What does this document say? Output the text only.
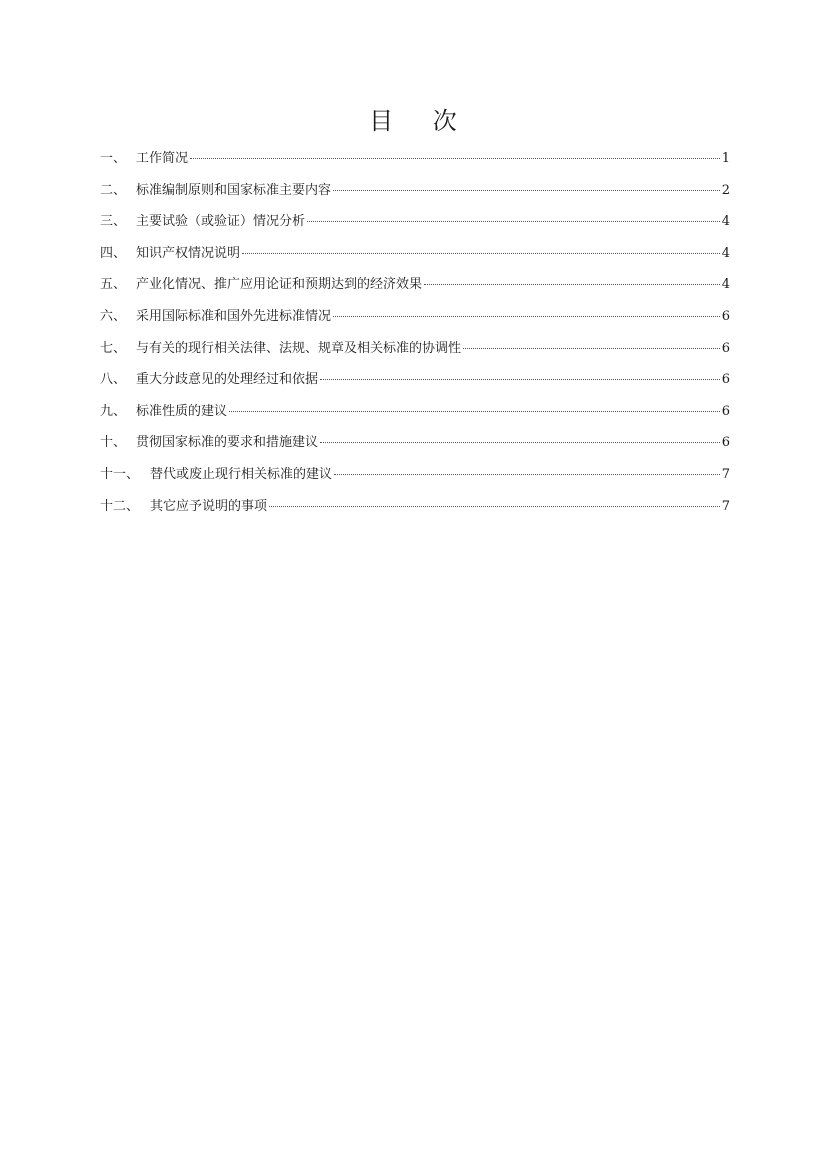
目 次
一、 工作简况	1
二、 标准编制原则和国家标准主要内容	2
三、 主要试验（或验证）情况分析	4
四、 知识产权情况说明	4
五、 产业化情况、推广应用论证和预期达到的经济效果	4
六、 采用国际标准和国外先进标准情况	6
七、 与有关的现行相关法律、法规、规章及相关标准的协调性	6
八、 重大分歧意见的处理经过和依据	6
九、 标准性质的建议	6
十、 贯彻国家标准的要求和措施建议	6
十一、 替代或废止现行相关标准的建议	7
十二、 其它应予说明的事项	7
